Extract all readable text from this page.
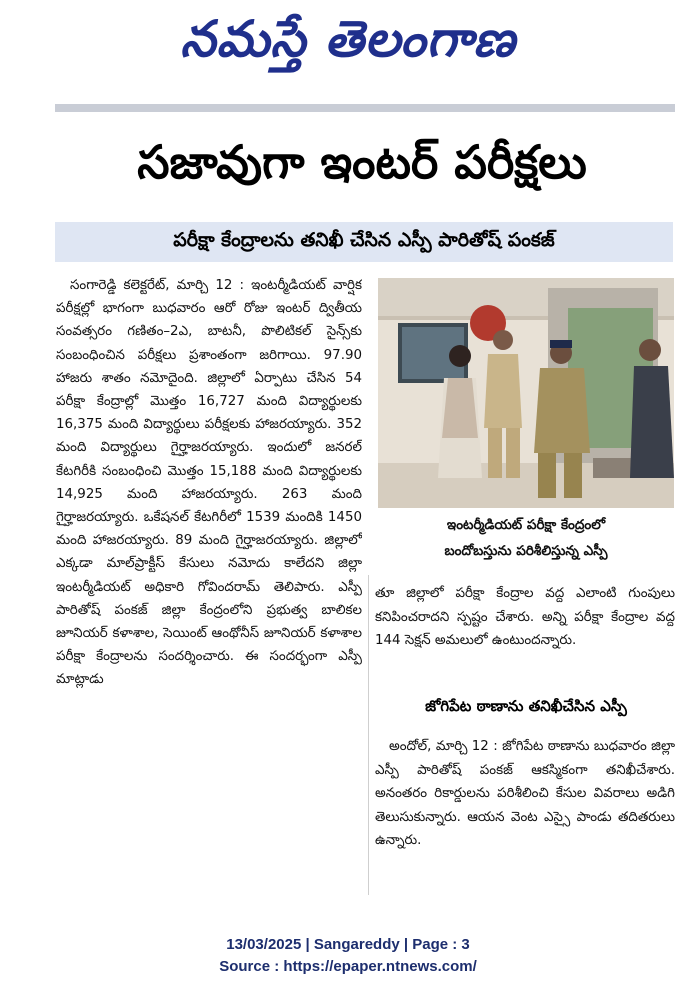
నమస్తే తెలంగాణ
సజావుగా ఇంటర్ పరీక్షలు
పరీక్షా కేంద్రాలను తనిఖీ చేసిన ఎస్పీ పారితోష్ పంకజ్

సంగారెడ్డి కలెక్టరేట్, మార్చి 12 : ఇంటర్మీడియట్ వార్షిక పరీక్షల్లో భాగంగా బుధవారం ఆరో రోజు ఇంటర్ ద్వితీయ సంవత్సరం గణితం–2ఎ, బాటనీ, పొలిటికల్ సైన్స్‌కు సంబంధించిన పరీక్షలు ప్రశాంతంగా జరిగాయి. 97.90 హాజరు శాతం నమోదైంది. జిల్లాలో ఏర్పాటు చేసిన 54 పరీక్షా కేంద్రాల్లో మొత్తం 16,727 మంది విద్యార్థులకు 16,375 మంది విద్యార్థులు పరీక్షలకు హాజరయ్యారు. 352 మంది విద్యార్థులు గైర్హాజరయ్యారు. ఇందులో జనరల్ కేటగిరీకి సంబంధించి మొత్తం 15,188 మంది విద్యార్థులకు 14,925 మంది హాజరయ్యారు. 263 మంది గైర్హాజరయ్యారు. ఒకేషనల్ కేటగిరీలో 1539 మందికి 1450 మంది హాజరయ్యారు. 89 మంది గైర్హాజరయ్యారు. జిల్లాలో ఎక్కడా మాల్‌ప్రాక్టీస్ కేసులు నమోదు కాలేదని జిల్లా ఇంటర్మీడియట్ అధికారి గోవిందరామ్ తెలిపారు. ఎస్పీ పారితోష్ పంకజ్ జిల్లా కేంద్రంలోని ప్రభుత్వ బాలికల జూనియర్ కళాశాల, సెయింట్ ఆంథోనీస్ జూనియర్ కళాశాల పరీక్షా కేంద్రాలను సందర్శించారు. ఈ సందర్భంగా ఎస్పీ మాట్లాడు

ఇంటర్మీడియట్ పరీక్షా కేంద్రంలో
బందోబస్తును పరిశీలిస్తున్న ఎస్పీ

తూ జిల్లాలో పరీక్షా కేంద్రాల వద్ద ఎలాంటి గుంపులు కనిపించరాదని స్పష్టం చేశారు. అన్ని పరీక్షా కేంద్రాల వద్ద 144 సెక్షన్ అమలులో ఉంటుందన్నారు.

జోగిపేట ఠాణాను తనిఖీచేసిన ఎస్పీ

అందోల్, మార్చి 12 : జోగిపేట ఠాణాను బుధవారం జిల్లా ఎస్పీ పారితోష్ పంకజ్ ఆకస్మికంగా తనిఖీచేశారు. అనంతరం రికార్డులను పరిశీలించి కేసుల వివరాలు అడిగి తెలుసుకున్నారు. ఆయన వెంట ఎస్సై పాండు తదితరులు ఉన్నారు.

13/03/2025 | Sangareddy | Page : 3
Source : https://epaper.ntnews.com/
